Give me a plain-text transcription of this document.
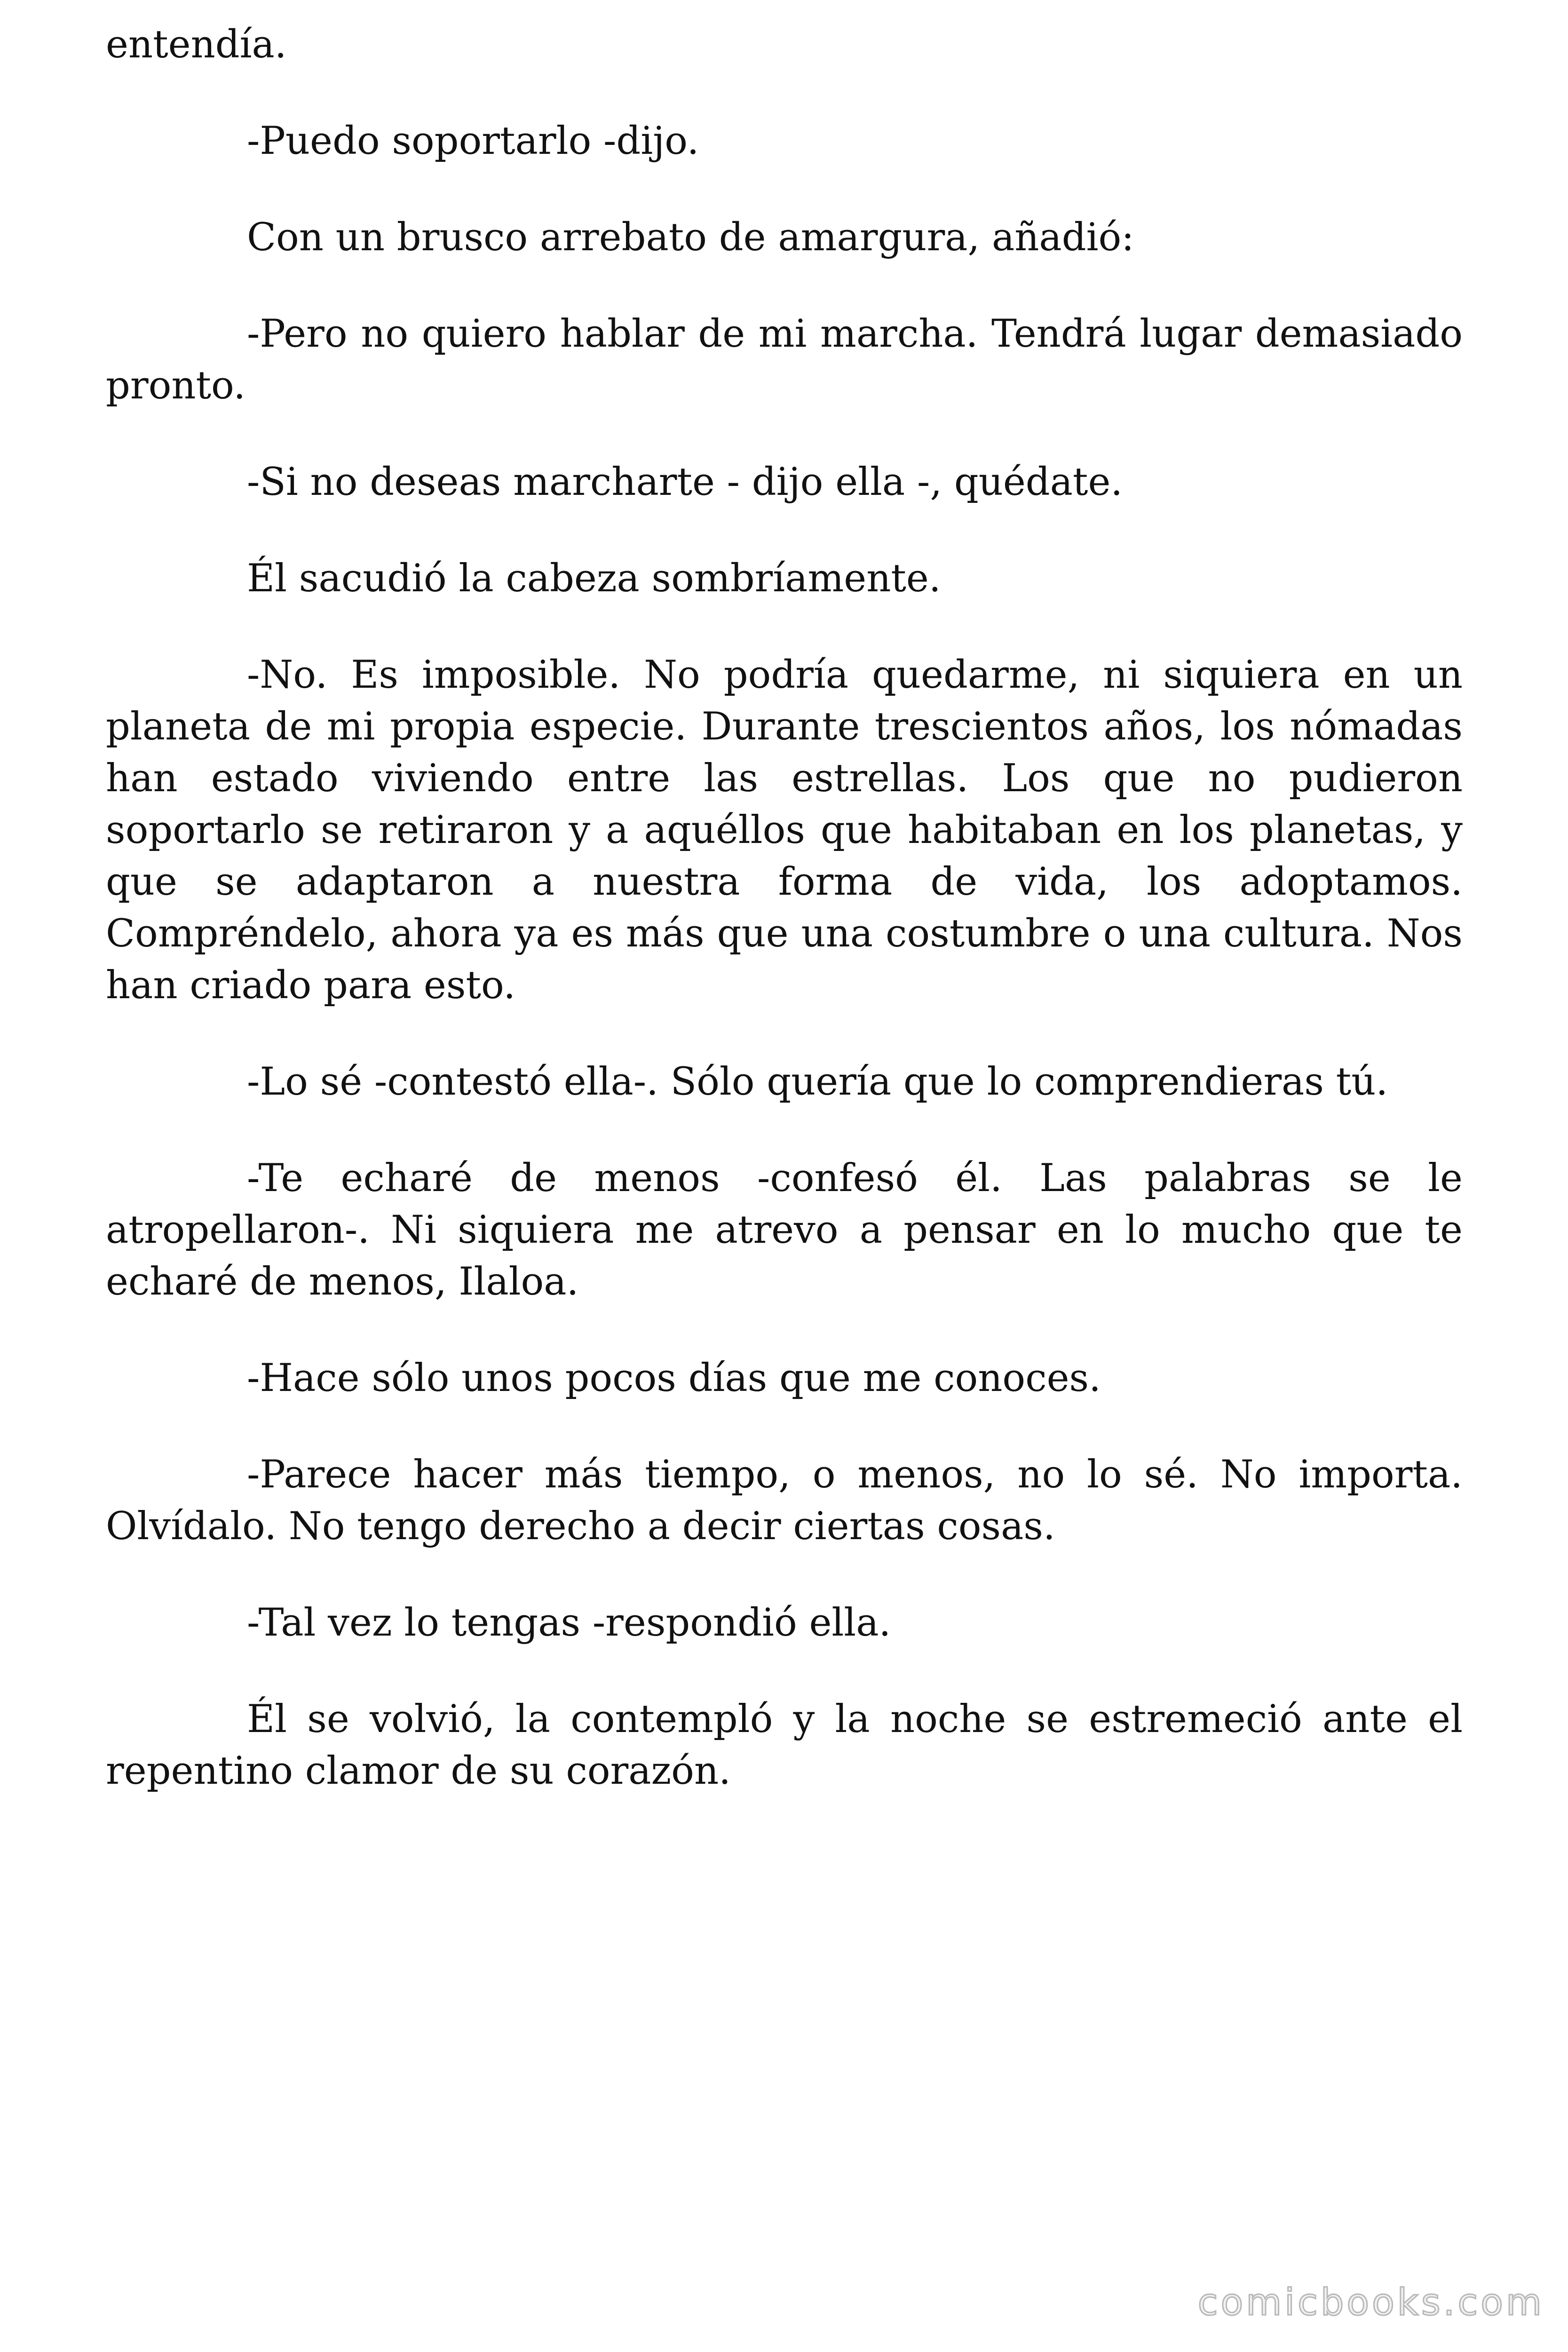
entendía.

-Puedo soportarlo -dijo.

Con un brusco arrebato de amargura, añadió:

-Pero no quiero hablar de mi marcha. Tendrá lugar demasiado pronto.

-Si no deseas marcharte - dijo ella -, quédate.

Él sacudió la cabeza sombríamente.

-No. Es imposible. No podría quedarme, ni siquiera en un planeta de mi propia especie. Durante trescientos años, los nómadas han estado viviendo entre las estrellas. Los que no pudieron soportarlo se retiraron y a aquéllos que habitaban en los planetas, y que se adaptaron a nuestra forma de vida, los adoptamos. Compréndelo, ahora ya es más que una costumbre o una cultura. Nos han criado para esto.

-Lo sé -contestó ella-. Sólo quería que lo comprendieras tú.

-Te echaré de menos -confesó él. Las palabras se le atropellaron-. Ni siquiera me atrevo a pensar en lo mucho que te echaré de menos, Ilaloa.

-Hace sólo unos pocos días que me conoces.

-Parece hacer más tiempo, o menos, no lo sé. No importa. Olvídalo. No tengo derecho a decir ciertas cosas.

-Tal vez lo tengas -respondió ella.

Él se volvió, la contempló y la noche se estremeció ante el repentino clamor de su corazón.

comicbooks.com
